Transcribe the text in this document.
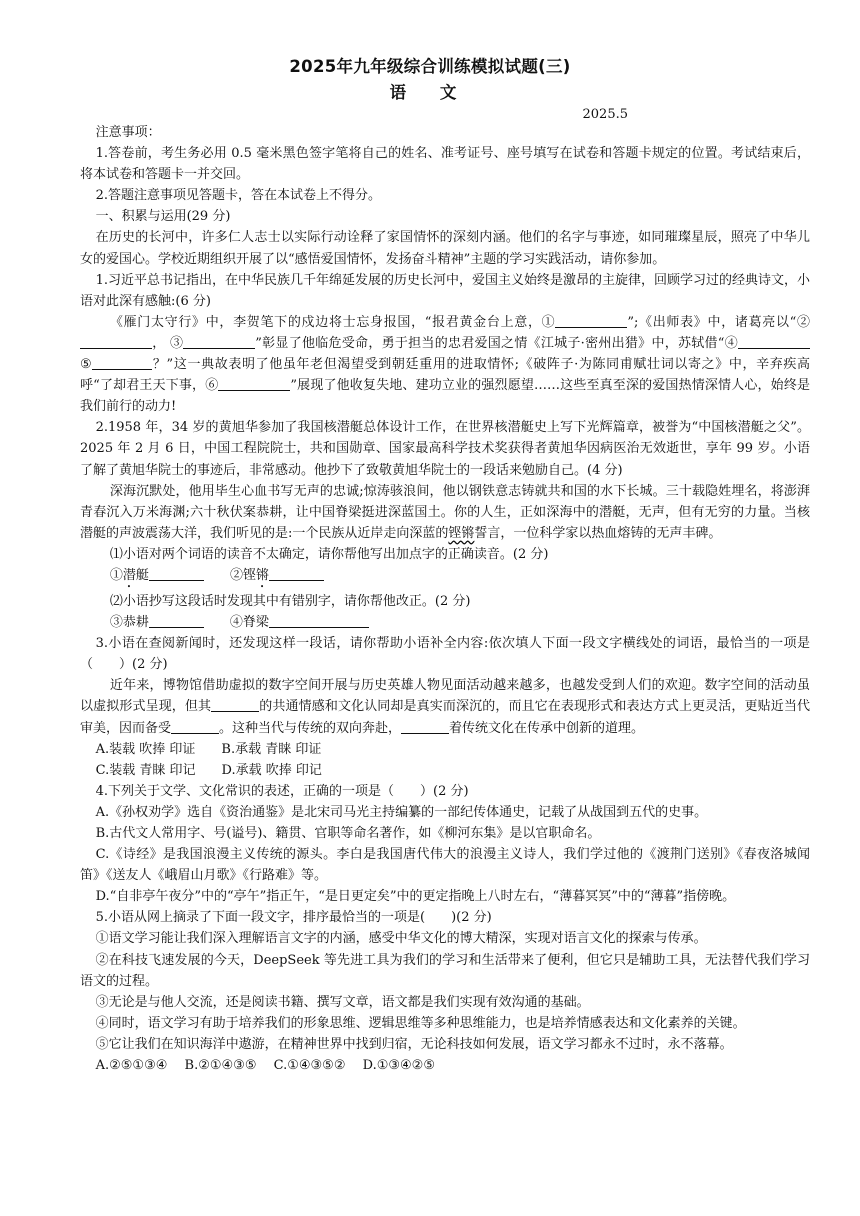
2025年九年级综合训练模拟试题(三)
语 文
2025.5

注意事项：

1.答卷前，考生务必用 0.5 毫米黑色签字笔将自己的姓名、准考证号、座号填写在试卷和答题卡规定的位置。考试结束后，将本试卷和答题卡一并交回。

2.答题注意事项见答题卡，答在本试卷上不得分。

一、积累与运用(29 分)

在历史的长河中，许多仁人志士以实际行动诠释了家国情怀的深刻内涵。他们的名字与事迹，如同璀璨星辰，照亮了中华儿女的爱国心。学校近期组织开展了以“感悟爱国情怀，发扬奋斗精神”主题的学习实践活动，请你参加。

1.习近平总书记指出，在中华民族几千年绵延发展的历史长河中，爱国主义始终是激昂的主旋律，回顾学习过的经典诗文，小语对此深有感触:(6 分)

《雁门太守行》中，李贺笔下的戍边将士忘身报国，“报君黄金台上意，①	”;《出师表》中，诸葛亮以“②， ③	”彰显了他临危受命，勇于担当的忠君爱国之情《江城子·密州出猎》中，苏轼借“④⑤	？”这一典故表明了他虽年老但渴望受到朝廷重用的进取情怀;《破阵子·为陈同甫赋壮词以寄之》中，辛弃疾高呼“了却君王天下事，⑥	”展现了他收复失地、建功立业的强烈愿望……这些至真至深的爱国热情深情人心，始终是我们前行的动力!

2.1958 年，34 岁的黄旭华参加了我国核潜艇总体设计工作，在世界核潜艇史上写下光辉篇章，被誉为“中国核潜艇之父”。2025 年 2 月 6 日，中国工程院院士，共和国勋章、国家最高科学技术奖获得者黄旭华因病医治无效逝世，享年 99 岁。小语了解了黄旭华院士的事迹后，非常感动。他抄下了致敬黄旭华院士的一段话来勉励自己。(4 分)

深海沉默处，他用毕生心血书写无声的忠诚;惊涛骇浪间，他以钢铁意志铸就共和国的水下长城。三十载隐姓埋名，将澎湃青春沉入万米海渊;六十秋伏案恭耕，让中国脊梁挺进深蓝国土。你的人生，正如深海中的潜艇，无声，但有无穷的力量。当核潜艇的声波震荡大洋，我们听见的是:一个民族从近岸走向深蓝的铿锵誓言，一位科学家以热血熔铸的无声丰碑。

⑴小语对两个词语的读音不太确定，请你帮他写出加点字的正确读音。(2 分)

①潜艇　　	②铿锵

⑵小语抄写这段话时发现其中有错别字，请你帮他改正。(2 分)

③恭耕　　	④脊梁

3.小语在查阅新闻时，还发现这样一段话，请你帮助小语补全内容:依次填人下面一段文字横线处的词语，最恰当的一项是（　　）(2 分)

近年来，博物馆借助虚拟的数字空间开展与历史英雄人物见面活动越来越多，也越发受到人们的欢迎。数字空间的活动虽以虚拟形式呈现，但其	的共通情感和文化认同却是真实而深沉的，而且它在表现形式和表达方式上更灵活，更贴近当代审美，因而备受	。这种当代与传统的双向奔赴，	着传统文化在传承中创新的道理。

A.装载 吹捧 印证　　 B.承载 青睐 印证

C.装载 青睐 印记　　 D.承载 吹捧 印记

4.下列关于文学、文化常识的表述，正确的一项是（　　）(2 分)

A.《孙权劝学》选自《资治通鉴》是北宋司马光主持编纂的一部纪传体通史，记载了从战国到五代的史事。

B.古代文人常用字、号(谥号)、籍贯、官职等命名著作，如《柳河东集》是以官职命名。

C.《诗经》是我国浪漫主义传统的源头。李白是我国唐代伟大的浪漫主义诗人，我们学过他的《渡荆门送别》《春夜洛城闻笛》《送友人《峨眉山月歌》《行路难》等。

D.“自非亭午夜分”中的“亭午”指正午，“是日更定矣”中的更定指晚上八时左右，“薄暮冥冥”中的“薄暮”指傍晚。

5.小语从网上摘录了下面一段文字，排序最恰当的一项是(　　)(2 分)

①语文学习能让我们深入理解语言文字的内涵，感受中华文化的博大精深，实现对语言文化的探索与传承。

②在科技飞速发展的今天，DeepSeek 等先进工具为我们的学习和生活带来了便利，但它只是辅助工具，无法替代我们学习语文的过程。

③无论是与他人交流，还是阅读书籍、撰写文章，语文都是我们实现有效沟通的基础。

④同时，语文学习有助于培养我们的形象思维、逻辑思维等多种思维能力，也是培养情感表达和文化素养的关键。

⑤它让我们在知识海洋中遨游，在精神世界中找到归宿，无论科技如何发展，语文学习都永不过时，永不落幕。

A.②⑤①③④　 B.②①④③⑤　 C.①④③⑤②　 D.①③④②⑤
